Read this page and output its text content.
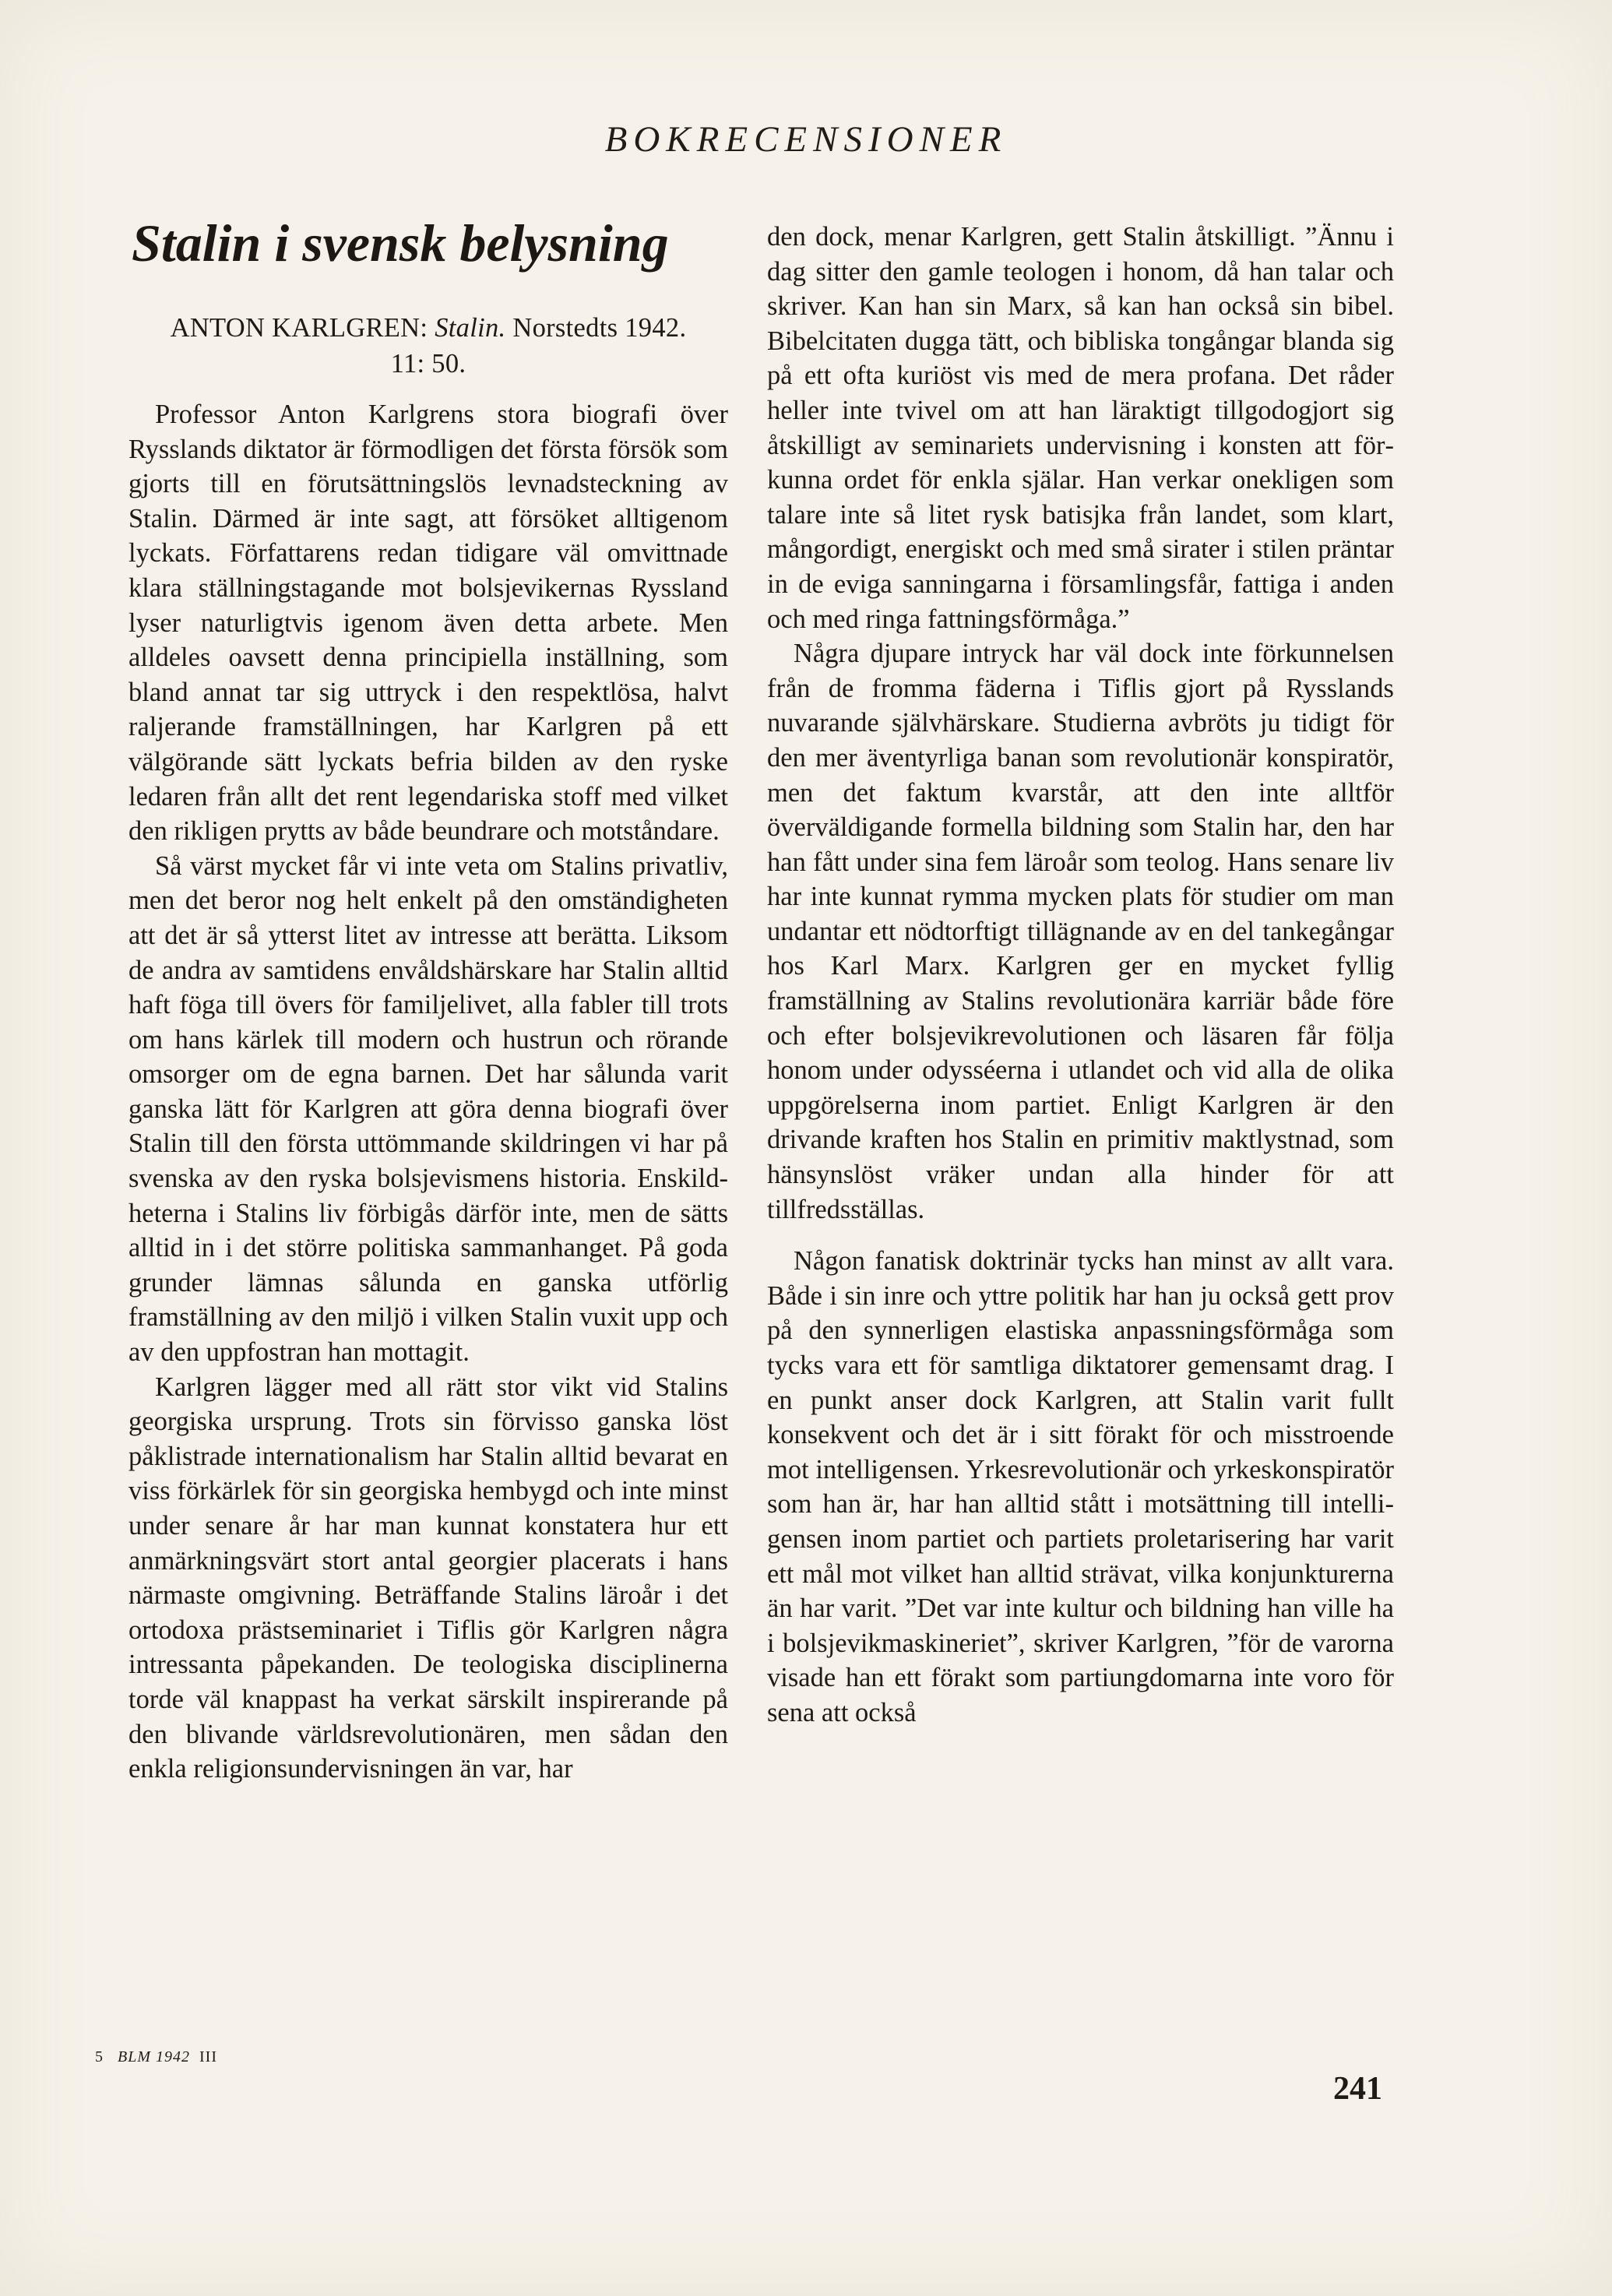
BOKRECENSIONER
Stalin i svensk belysning
ANTON KARLGREN: Stalin. Norstedts 1942.
11: 50.

Professor Anton Karlgrens stora biografi över Rysslands diktator är förmodligen det första försök som gjorts till en förutsättningslös levnadsteckning av Stalin. Därmed är inte sagt, att försöket alltigenom lyckats. Författarens redan tidigare väl omvittnade klara ställningstagande mot bolsjevikernas Ryssland lyser naturligtvis igenom även detta arbete. Men alldeles oavsett denna principiella inställning, som bland annat tar sig uttryck i den respektlösa, halvt raljerande framställningen, har Karlgren på ett välgörande sätt lyckats befria bilden av den ryske ledaren från allt det rent legendariska stoff med vilket den rikligen prytts av både beundrare och motståndare.

Så värst mycket får vi inte veta om Stalins privatliv, men det beror nog helt enkelt på den omständigheten att det är så ytterst litet av intresse att berätta. Liksom de andra av samtidens envåldshärskare har Stalin alltid haft föga till övers för familjelivet, alla fabler till trots om hans kärlek till modern och hustrun och rörande omsorger om de egna barnen. Det har sålunda varit ganska lätt för Karlgren att göra denna biografi över Stalin till den första uttömmande skildringen vi har på svenska av den ryska bolsjevismens historia. Enskildheterna i Stalins liv förbigås därför inte, men de sätts alltid in i det större politiska sammanhanget. På goda grunder lämnas sålunda en ganska utförlig framställning av den miljö i vilken Stalin vuxit upp och av den uppfostran han mottagit.

Karlgren lägger med all rätt stor vikt vid Stalins georgiska ursprung. Trots sin förvisso ganska löst påklistrade internationalism har Stalin alltid bevarat en viss förkärlek för sin georgiska hembygd och inte minst under senare år har man kunnat konstatera hur ett anmärkningsvärt stort antal georgier placerats i hans närmaste omgivning. Beträffande Stalins läroår i det ortodoxa prästseminariet i Tiflis gör Karlgren några intressanta påpekanden. De teologiska disciplinerna torde väl knappast ha verkat särskilt inspirerande på den blivande världsrevolutionären, men sådan den enkla religionsundervisningen än var, har

den dock, menar Karlgren, gett Stalin åtskilligt. ”Ännu i dag sitter den gamle teologen i honom, då han talar och skriver. Kan han sin Marx, så kan han också sin bibel. Bibelcitaten dugga tätt, och bibliska tongångar blanda sig på ett ofta kuriöst vis med de mera profana. Det råder heller inte tvivel om att han läraktigt tillgodogjort sig åtskilligt av seminariets undervisning i konsten att förkunna ordet för enkla själar. Han verkar onekligen som talare inte så litet rysk batisjka från landet, som klart, mångordigt, energiskt och med små sirater i stilen präntar in de eviga sanningarna i församlingsfår, fattiga i anden och med ringa fattningsförmåga.”

Några djupare intryck har väl dock inte förkunnelsen från de fromma fäderna i Tiflis gjort på Rysslands nuvarande självhärskare. Studierna avbröts ju tidigt för den mer äventyrliga banan som revolutionär konspiratör, men det faktum kvarstår, att den inte alltför överväldigande formella bildning som Stalin har, den har han fått under sina fem läroår som teolog. Hans senare liv har inte kunnat rymma mycken plats för studier om man undantar ett nödtorftigt tillägnande av en del tankegångar hos Karl Marx. Karlgren ger en mycket fyllig framställning av Stalins revolutionära karriär både före och efter bolsjevikrevolutionen och läsaren får följa honom under odysséerna i utlandet och vid alla de olika uppgörelserna inom partiet. Enligt Karlgren är den drivande kraften hos Stalin en primitiv maktlystnad, som hänsynslöst vräker undan alla hinder för att tillfredsställas.

Någon fanatisk doktrinär tycks han minst av allt vara. Både i sin inre och yttre politik har han ju också gett prov på den synnerligen elastiska anpassningsförmåga som tycks vara ett för samtliga diktatorer gemensamt drag. I en punkt anser dock Karlgren, att Stalin varit fullt konsekvent och det är i sitt förakt för och misstroende mot intelligensen. Yrkesrevolutionär och yrkeskonspiratör som han är, har han alltid stått i motsättning till intelligensen inom partiet och partiets proletarisering har varit ett mål mot vilket han alltid strävat, vilka konjunkturerna än har varit. ”Det var inte kultur och bildning han ville ha i bolsjevikmaskineriet”, skriver Karlgren, ”för de varorna visade han ett förakt som partiungdomarna inte voro för sena att också

5 BLM 1942 III
241
